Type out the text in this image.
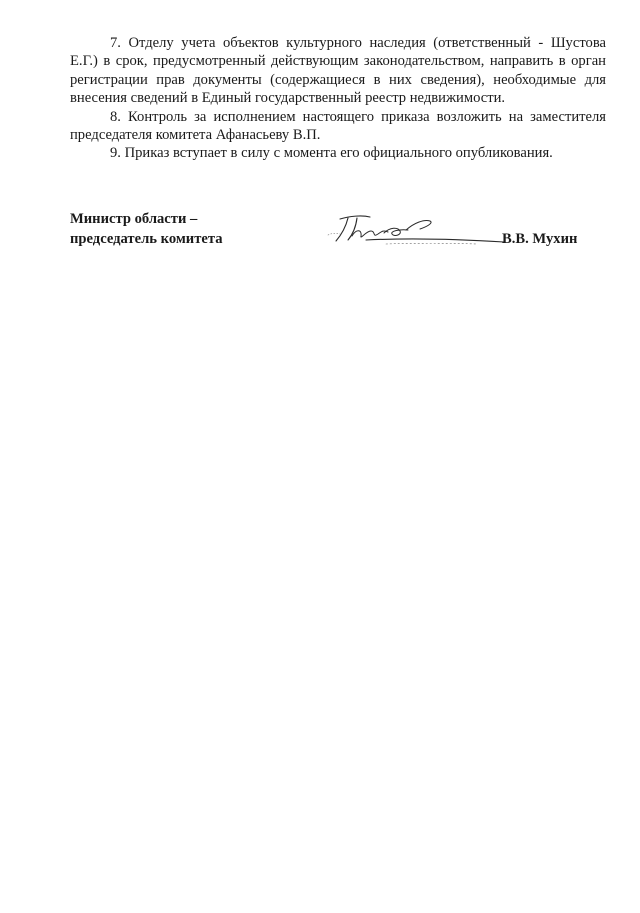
7. Отделу учета объектов культурного наследия (ответственный - Шустова Е.Г.) в срок, предусмотренный действующим законодательством, направить в орган регистрации прав документы (содержащиеся в них сведения), необходимые для внесения сведений в Единый государственный реестр недвижимости.

8. Контроль за исполнением настоящего приказа возложить на заместителя председателя комитета Афанасьеву В.П.

9. Приказ вступает в силу с момента его официального опубликования.

Министр области –
председатель комитета	В.В. Мухин
